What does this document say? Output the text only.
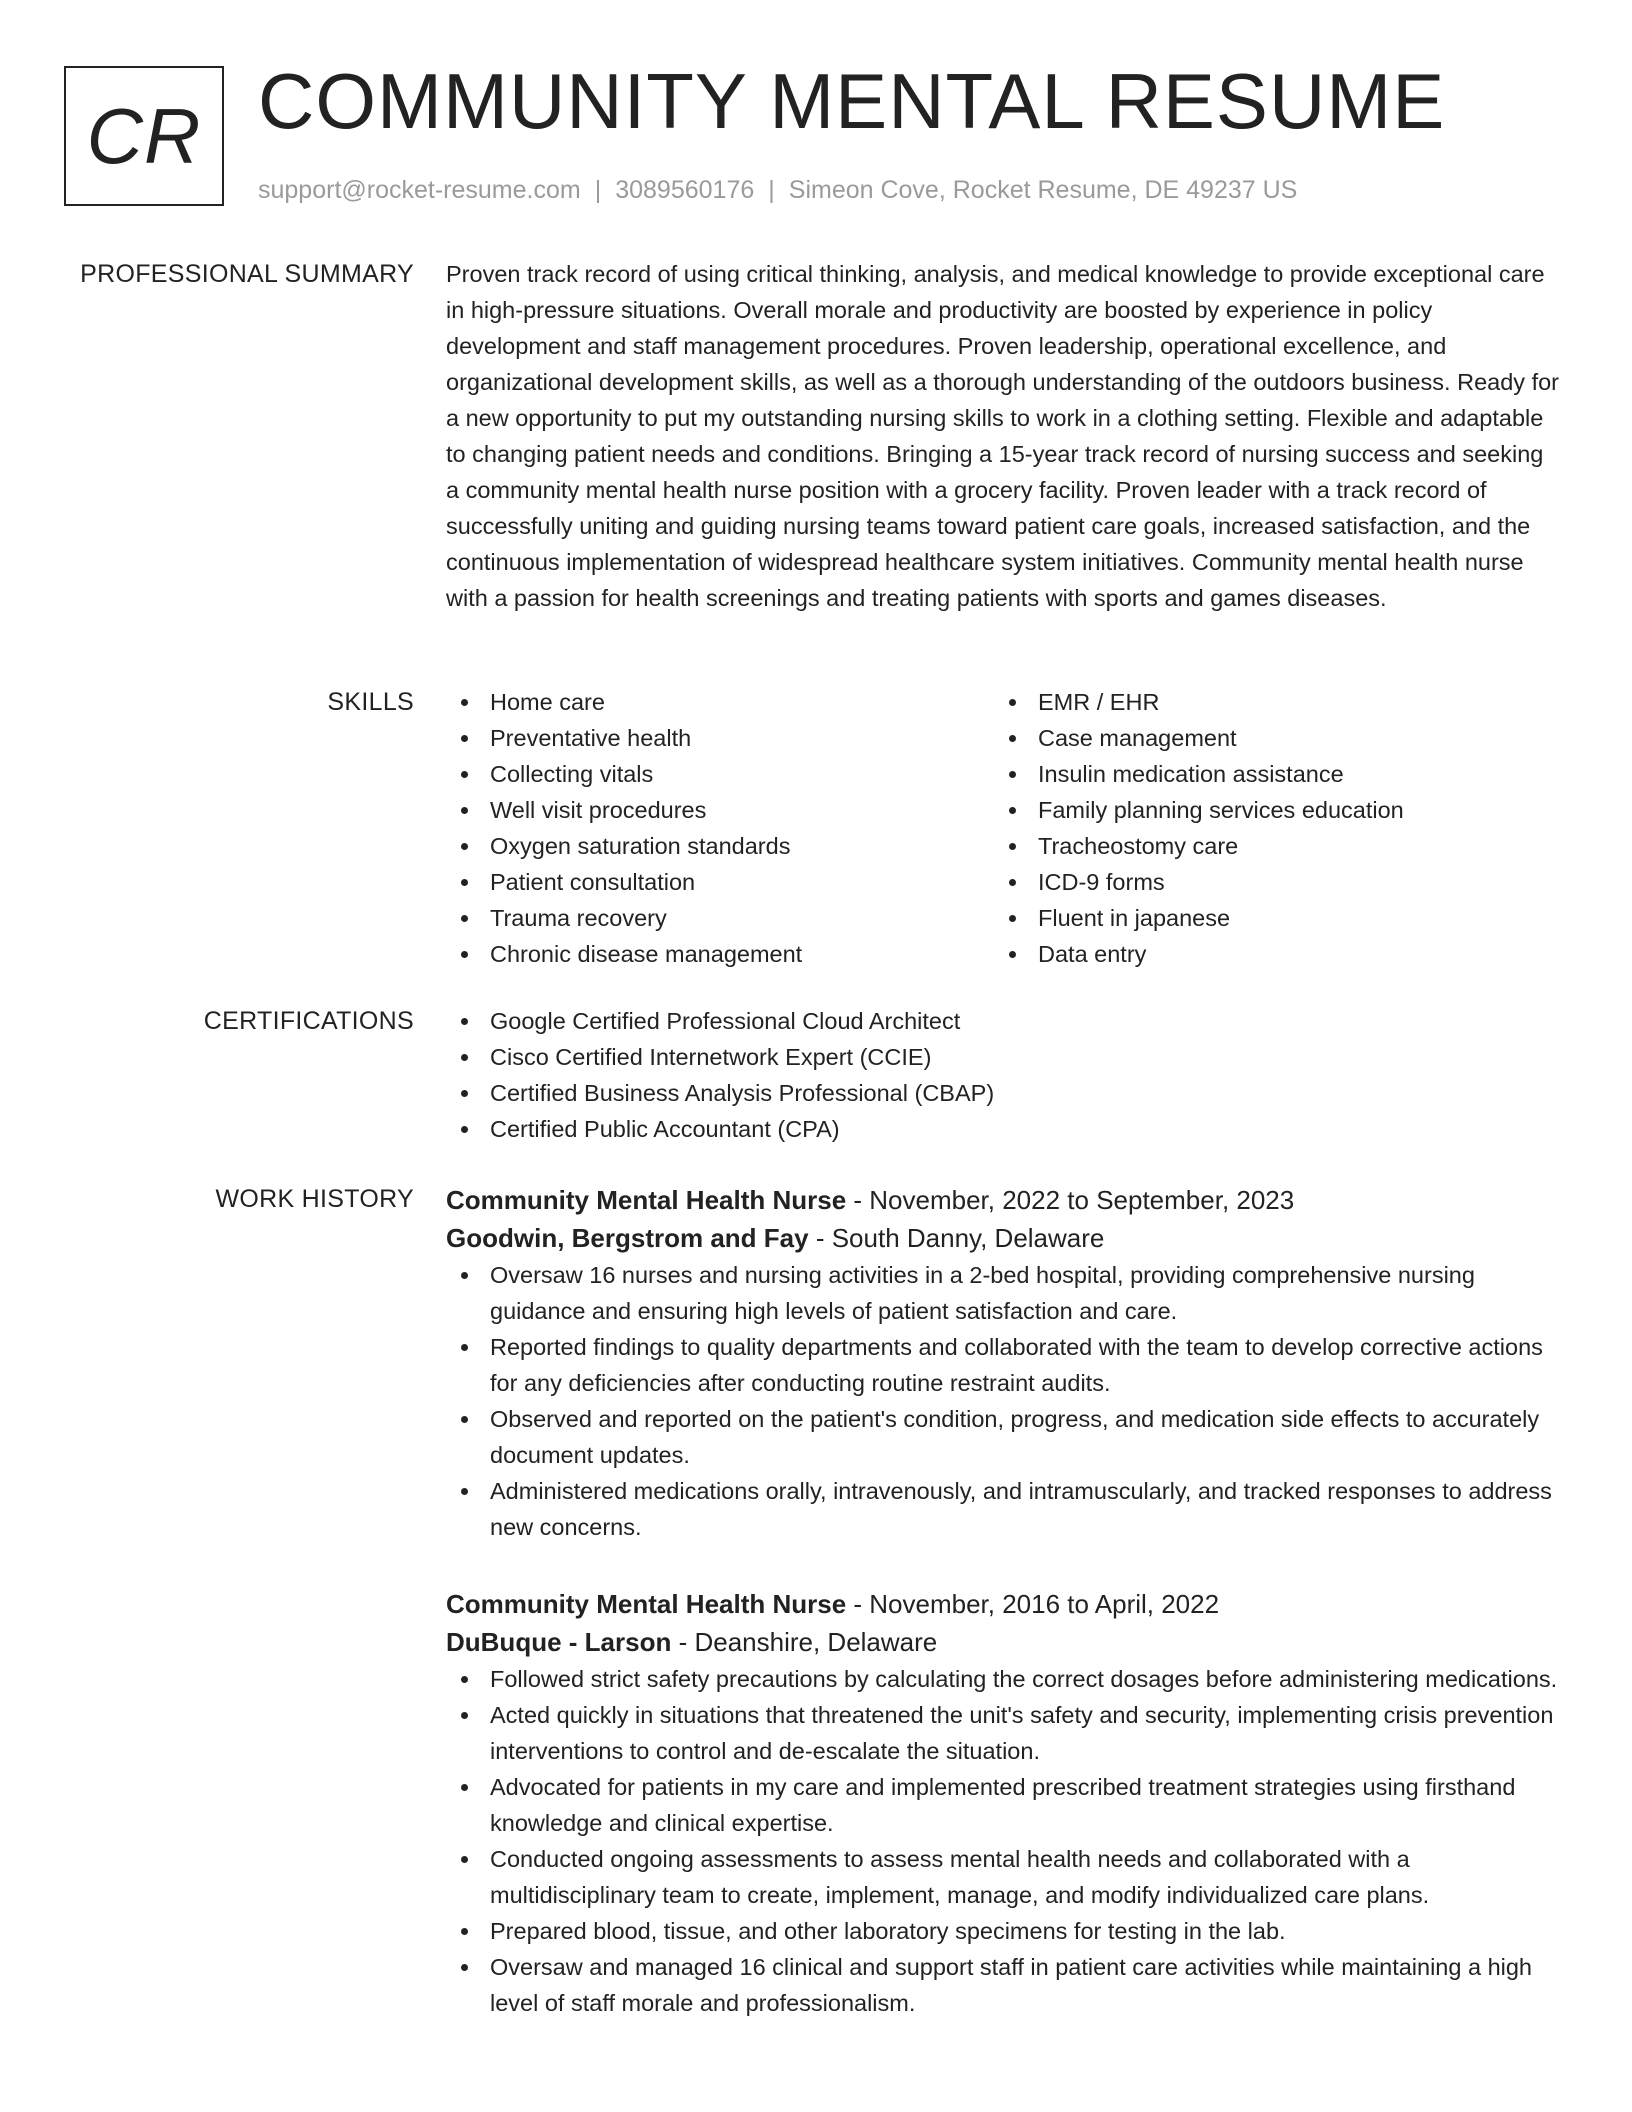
CR COMMUNITY MENTAL RESUME
support@rocket-resume.com | 3089560176 | Simeon Cove, Rocket Resume, DE 49237 US
PROFESSIONAL SUMMARY Proven track record of using critical thinking, analysis, and medical knowledge to provide exceptional care in high-pressure situations. Overall morale and productivity are boosted by experience in policy development and staff management procedures. Proven leadership, operational excellence, and organizational development skills, as well as a thorough understanding of the outdoors business. Ready for a new opportunity to put my outstanding nursing skills to work in a clothing setting. Flexible and adaptable to changing patient needs and conditions. Bringing a 15-year track record of nursing success and seeking a community mental health nurse position with a grocery facility. Proven leader with a track record of successfully uniting and guiding nursing teams toward patient care goals, increased satisfaction, and the continuous implementation of widespread healthcare system initiatives. Community mental health nurse with a passion for health screenings and treating patients with sports and games diseases.

SKILLS	Home care
Preventative health
Collecting vitals
Well visit procedures
Oxygen saturation standards
Patient consultation
Trauma recovery
Chronic disease management
EMR / EHR
Case management
Insulin medication assistance
Family planning services education
Tracheostomy care
ICD-9 forms
Fluent in japanese
Data entry
CERTIFICATIONS	Google Certified Professional Cloud Architect
Cisco Certified Internetwork Expert (CCIE)
Certified Business Analysis Professional (CBAP)
Certified Public Accountant (CPA)
WORK HISTORY Community Mental Health Nurse - November, 2022 to September, 2023
Goodwin, Bergstrom and Fay - South Danny, Delaware
Oversaw 16 nurses and nursing activities in a 2-bed hospital, providing comprehensive nursing guidance and ensuring high levels of patient satisfaction and care.
Reported findings to quality departments and collaborated with the team to develop corrective actions for any deficiencies after conducting routine restraint audits.
Observed and reported on the patient's condition, progress, and medication side effects to accurately document updates.
Administered medications orally, intravenously, and intramuscularly, and tracked responses to address new concerns.
Community Mental Health Nurse - November, 2016 to April, 2022
DuBuque - Larson - Deanshire, Delaware
Followed strict safety precautions by calculating the correct dosages before administering medications.
Acted quickly in situations that threatened the unit's safety and security, implementing crisis prevention interventions to control and de-escalate the situation.
Advocated for patients in my care and implemented prescribed treatment strategies using firsthand knowledge and clinical expertise.
Conducted ongoing assessments to assess mental health needs and collaborated with a multidisciplinary team to create, implement, manage, and modify individualized care plans.
Prepared blood, tissue, and other laboratory specimens for testing in the lab.
Oversaw and managed 16 clinical and support staff in patient care activities while maintaining a high level of staff morale and professionalism.
